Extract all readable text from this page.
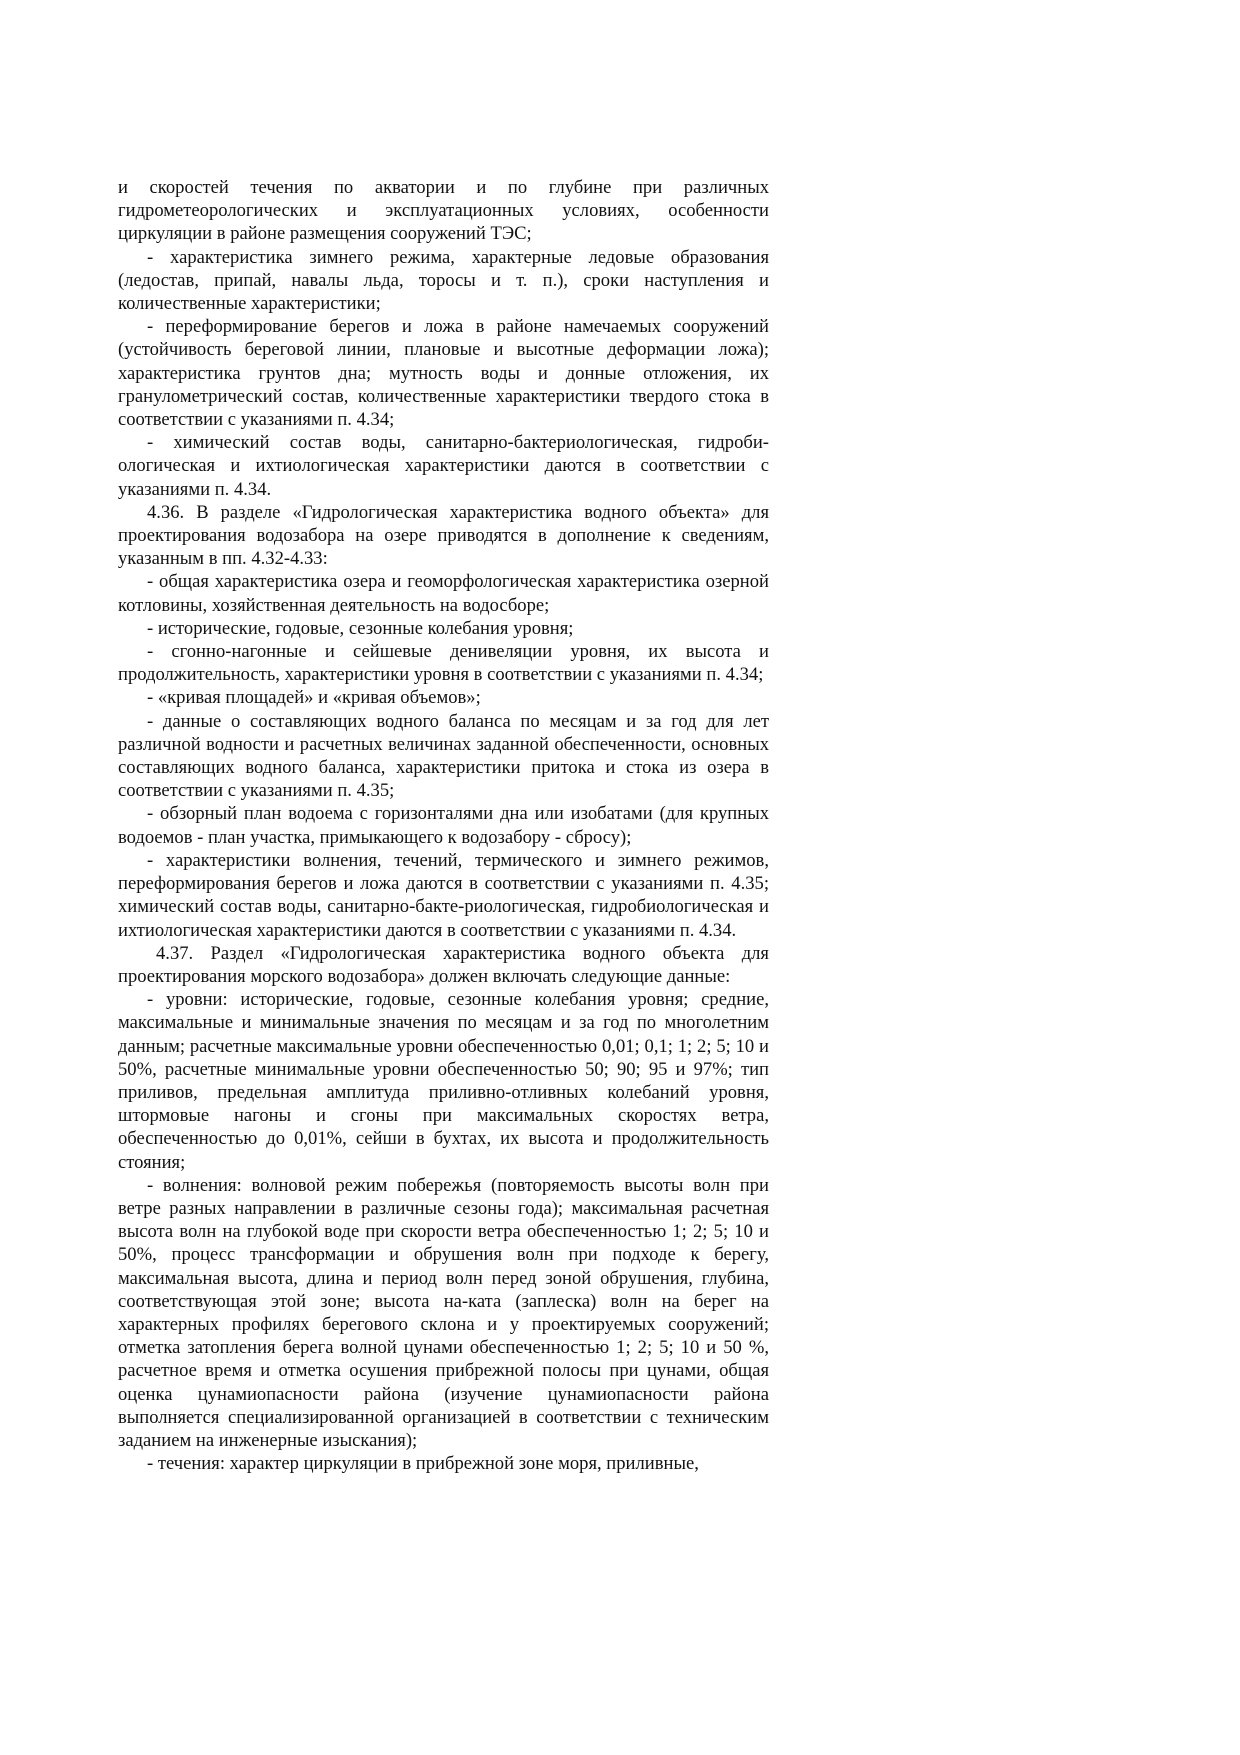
и скоростей течения по акватории и по глубине при различных гидрометеорологических и эксплуатационных условиях, особенности циркуляции в районе размещения сооружений ТЭС;

- характеристика зимнего режима, характерные ледовые образования (ледостав, припай, навалы льда, торосы и т. п.), сроки наступления и количественные характеристики;

- переформирование берегов и ложа в районе намечаемых сооружений (устойчивость береговой линии, плановые и высотные деформации ложа); характеристика грунтов дна; мутность воды и донные отложения, их гранулометрический состав, количественные характеристики твердого стока в соответствии с указаниями п. 4.34;

- химический состав воды, санитарно-бактериологическая, гидроби-ологическая и ихтиологическая характеристики даются в соответствии с указаниями п. 4.34.

4.36. В разделе «Гидрологическая характеристика водного объекта» для проектирования водозабора на озере приводятся в дополнение к сведениям, указанным в пп. 4.32-4.33:

- общая характеристика озера и геоморфологическая характеристика озерной котловины, хозяйственная деятельность на водосборе;

- исторические, годовые, сезонные колебания уровня;

- сгонно-нагонные и сейшевые денивеляции уровня, их высота и продолжительность, характеристики уровня в соответствии с указаниями п. 4.34;

- «кривая площадей» и «кривая объемов»;

- данные о составляющих водного баланса по месяцам и за год для лет различной водности и расчетных величинах заданной обеспеченности, основных составляющих водного баланса, характеристики притока и стока из озера в соответствии с указаниями п. 4.35;

- обзорный план водоема с горизонталями дна или изобатами (для крупных водоемов - план участка, примыкающего к водозабору - сбросу);

- характеристики волнения, течений, термического и зимнего режимов, переформирования берегов и ложа даются в соответствии с указаниями п. 4.35; химический состав воды, санитарно-бакте-риологическая, гидробиологическая и ихтиологическая характеристики даются в соответствии с указаниями п. 4.34.

4.37. Раздел «Гидрологическая характеристика водного объекта для проектирования морского водозабора» должен включать следующие данные:

- уровни: исторические, годовые, сезонные колебания уровня; средние, максимальные и минимальные значения по месяцам и за год по многолетним данным; расчетные максимальные уровни обеспеченностью 0,01; 0,1; 1; 2; 5; 10 и 50%, расчетные минимальные уровни обеспеченностью 50; 90; 95 и 97%; тип приливов, предельная амплитуда приливно-отливных колебаний уровня, штормовые нагоны и сгоны при максимальных скоростях ветра, обеспеченностью до 0,01%, сейши в бухтах, их высота и продолжительность стояния;

- волнения: волновой режим побережья (повторяемость высоты волн при ветре разных направлении в различные сезоны года); максимальная расчетная высота волн на глубокой воде при скорости ветра обеспеченностью 1; 2; 5; 10 и 50%, процесс трансформации и обрушения волн при подходе к берегу, максимальная высота, длина и период волн перед зоной обрушения, глубина, соответствующая этой зоне; высота на-ката (заплеска) волн на берег на характерных профилях берегового склона и у проектируемых сооружений; отметка затопления берега волной цунами обеспеченностью 1; 2; 5; 10 и 50 %, расчетное время и отметка осушения прибрежной полосы при цунами, общая оценка цунамиопасности района (изучение цунамиопасности района выполняется специализированной организацией в соответствии с техническим заданием на инженерные изыскания);

- течения: характер циркуляции в прибрежной зоне моря, приливные,
